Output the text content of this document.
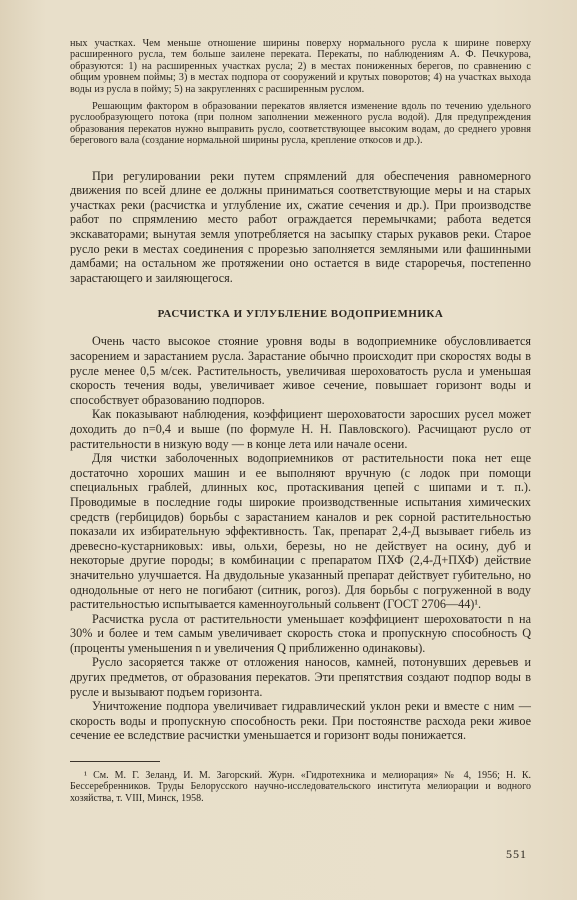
ных участках. Чем меньше отношение ширины поверху нормального русла к ширине поверху расширенного русла, тем больше заилене переката. Перекаты, по наблюдениям А. Ф. Печкурова, образуются: 1) на расширенных участках русла; 2) в местах пониженных берегов, по сравнению с общим уровнем поймы; 3) в местах подпора от сооружений и крутых поворотов; 4) на участках выхода воды из русла в пойму; 5) на закругленнях с расширенным руслом.

Решающим фактором в образовании перекатов является изменение вдоль по течению удельного руслообразующего потока (при полном заполнении меженного русла водой). Для предупреждения образования перекатов нужно выправить русло, соответствующее высоким водам, до среднего уровня берегового вала (создание нормальной ширины русла, крепление откосов и др.).

При регулировании реки путем спрямлений для обеспечения равномерного движения по всей длине ее должны приниматься соответствующие меры и на старых участках реки (расчистка и углубление их, сжатие сечения и др.). При производстве работ по спрямлению место работ ограждается перемычками; работа ведется экскаваторами; вынутая земля употребляется на засыпку старых рукавов реки. Старое русло реки в местах соединения с прорезью заполняется земляными или фашинными дамбами; на остальном же протяжении оно остается в виде староречья, постепенно зарастающего и заиляющегося.

РАСЧИСТКА И УГЛУБЛЕНИЕ ВОДОПРИЕМНИКА

Очень часто высокое стояние уровня воды в водоприемнике обусловливается засорением и зарастанием русла. Зарастание обычно происходит при скоростях воды в русле менее 0,5 м/сек. Растительность, увеличивая шероховатость русла и уменьшая скорость течения воды, увеличивает живое сечение, повышает горизонт воды и способствует образованию подпоров.

Как показывают наблюдения, коэффициент шероховатости заросших русел может доходить до n=0,4 и выше (по формуле Н. Н. Павловского). Расчищают русло от растительности в низкую воду — в конце лета или начале осени.

Для чистки заболоченных водоприемников от растительности пока нет еще достаточно хороших машин и ее выполняют вручную (с лодок при помощи специальных граблей, длинных кос, протаскивания цепей с шипами и т. п.). Проводимые в последние годы широкие производственные испытания химических средств (гербицидов) борьбы с зарастанием каналов и рек сорной растительностью показали их избирательную эффективность. Так, препарат 2,4-Д вызывает гибель из древесно-кустарниковых: ивы, ольхи, березы, но не действует на осину, дуб и некоторые другие породы; в комбинации с препаратом ПХФ (2,4-Д+ПХФ) действие значительно улучшается. На двудольные указанный препарат действует губительно, но однодольные от него не погибают (ситник, рогоз). Для борьбы с погруженной в воду растительностью испытывается каменноугольный сольвент (ГОСТ 2706—44)¹.

Расчистка русла от растительности уменьшает коэффициент шероховатости n на 30% и более и тем самым увеличивает скорость стока и пропускную способность Q (проценты уменьшения n и увеличения Q приближенно одинаковы).

Русло засоряется также от отложения наносов, камней, потонувших деревьев и других предметов, от образования перекатов. Эти препятствия создают подпор воды в русле и вызывают подъем горизонта.

Уничтожение подпора увеличивает гидравлический уклон реки и вместе с ним — скорость воды и пропускную способность реки. При постоянстве расхода реки живое сечение ее вследствие расчистки уменьшается и горизонт воды понижается.

¹ См. М. Г. Зеланд, И. М. Загорский. Журн. «Гидротехника и мелиорация» № 4, 1956; Н. К. Бессеребренников. Труды Белорусского научно-исследовательского института мелиорации и водного хозяйства, т. VIII, Минск, 1958.

551
